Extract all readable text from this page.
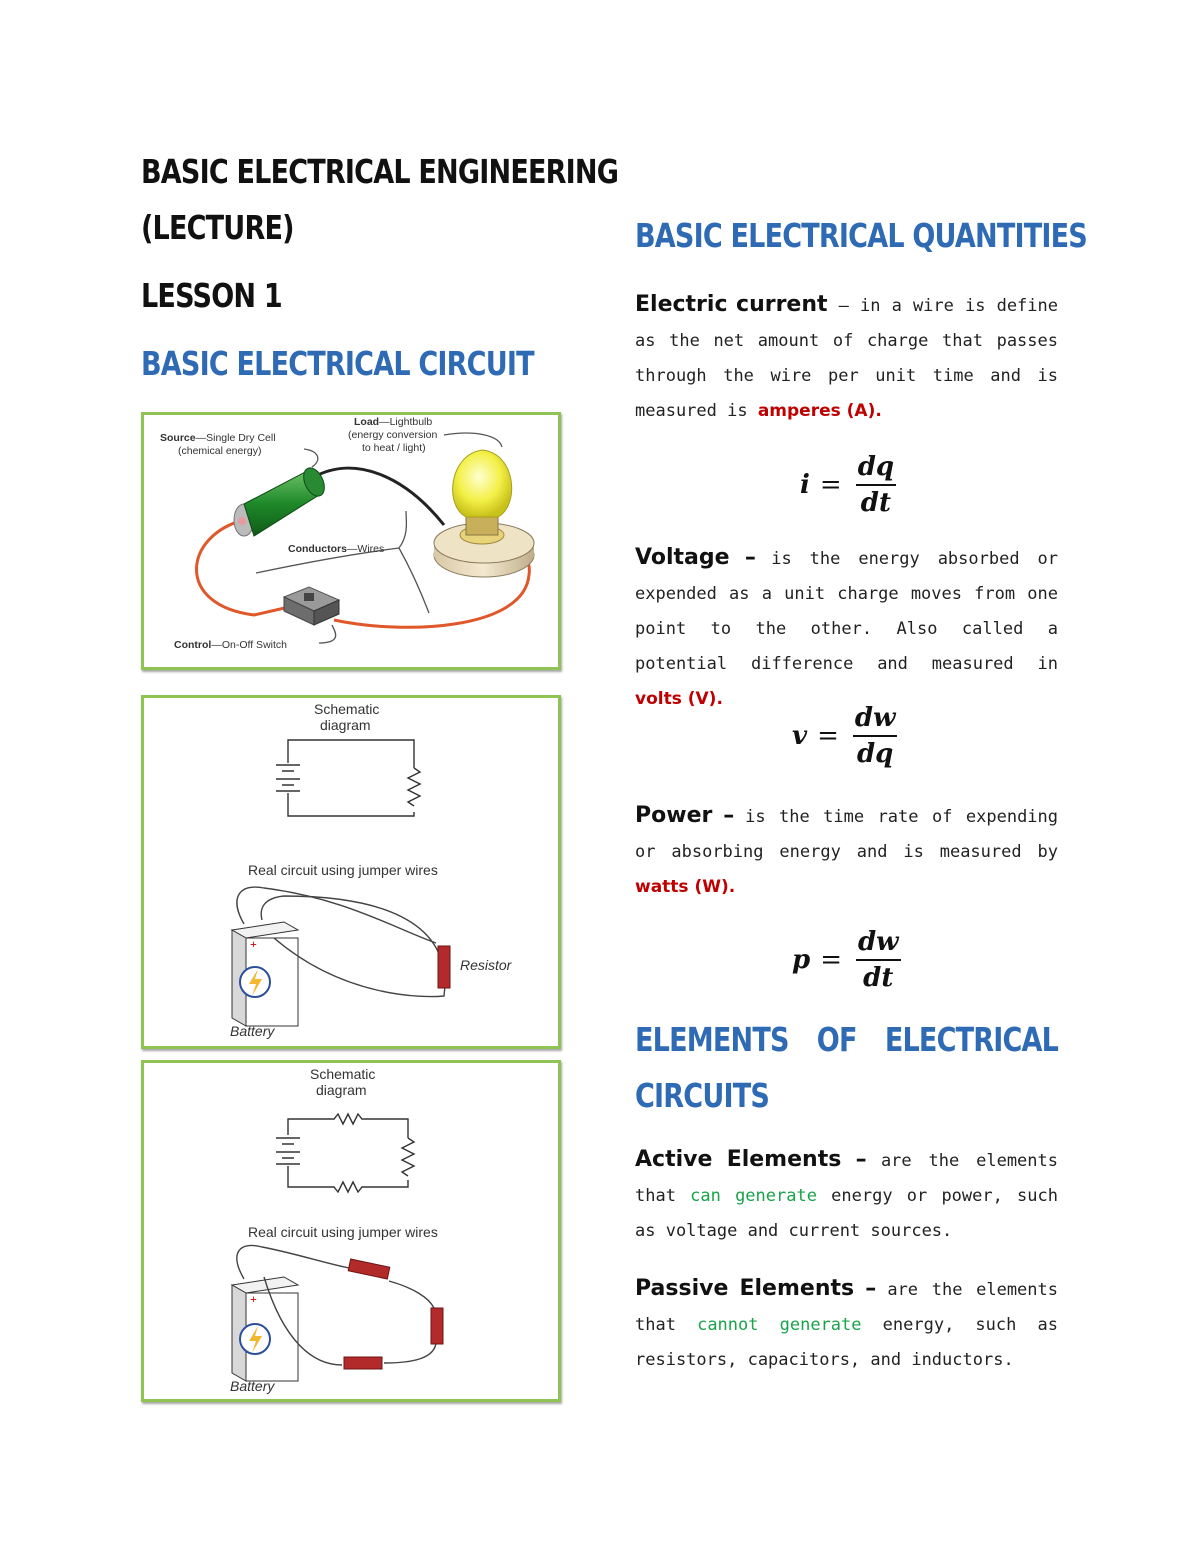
BASIC ELECTRICAL ENGINEERING
(LECTURE)
LESSON 1
BASIC ELECTRICAL CIRCUIT
Source—Single Dry Cell
(chemical energy)
Load—Lightbulb
(energy conversion
to heat / light)
Conductors—Wires
Control—On-Off Switch
Schematic
diagram
Real circuit using jumper wires
+
Battery
Resistor
Schematic
diagram
Real circuit using jumper wires
+
Battery
BASIC ELECTRICAL QUANTITIES

Electric current – in a wire is define as the net amount of charge that passes through the wire per unit time and is measured is amperes (A).

$i = \frac{dq}{dt}$

Voltage – is the energy absorbed or expended as a unit charge moves from one point to the other. Also called a potential difference and measured in volts (V).

$v = \frac{dw}{dq}$

Power – is the time rate of expending or absorbing energy and is measured by watts (W).

$p = \frac{dw}{dt}$
ELEMENTS OF ELECTRICAL
CIRCUITS

Active Elements – are the elements that can generate energy or power, such as voltage and current sources.

Passive Elements – are the elements that cannot generate energy, such as resistors, capacitors, and inductors.
